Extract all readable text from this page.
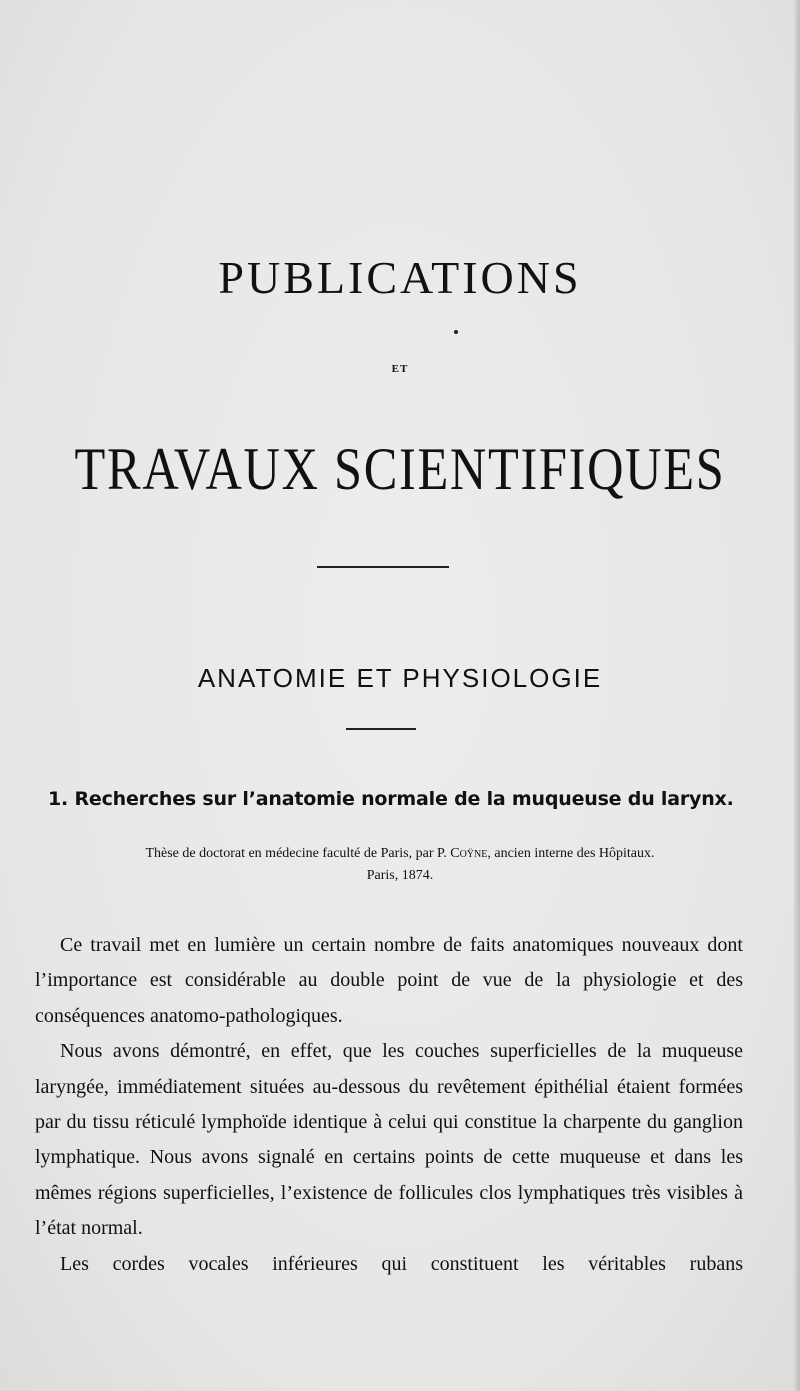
PUBLICATIONS
ET
TRAVAUX SCIENTIFIQUES
ANATOMIE ET PHYSIOLOGIE
1. Recherches sur l’anatomie normale de la muqueuse du larynx.
Thèse de doctorat en médecine faculté de Paris, par P. Coÿne, ancien interne des Hôpitaux.
Paris, 1874.

Ce travail met en lumière un certain nombre de faits anatomiques nouveaux dont l’importance est considérable au double point de vue de la physiologie et des conséquences anatomo-pathologiques.

Nous avons démontré, en effet, que les couches superficielles de la muqueuse laryngée, immédiatement situées au-dessous du revêtement épithélial étaient formées par du tissu réticulé lymphoïde identique à celui qui constitue la charpente du ganglion lymphatique. Nous avons signalé en certains points de cette muqueuse et dans les mêmes régions superficielles, l’existence de follicules clos lymphatiques très visibles à l’état normal.

Les cordes vocales inférieures qui constituent les véritables rubans
